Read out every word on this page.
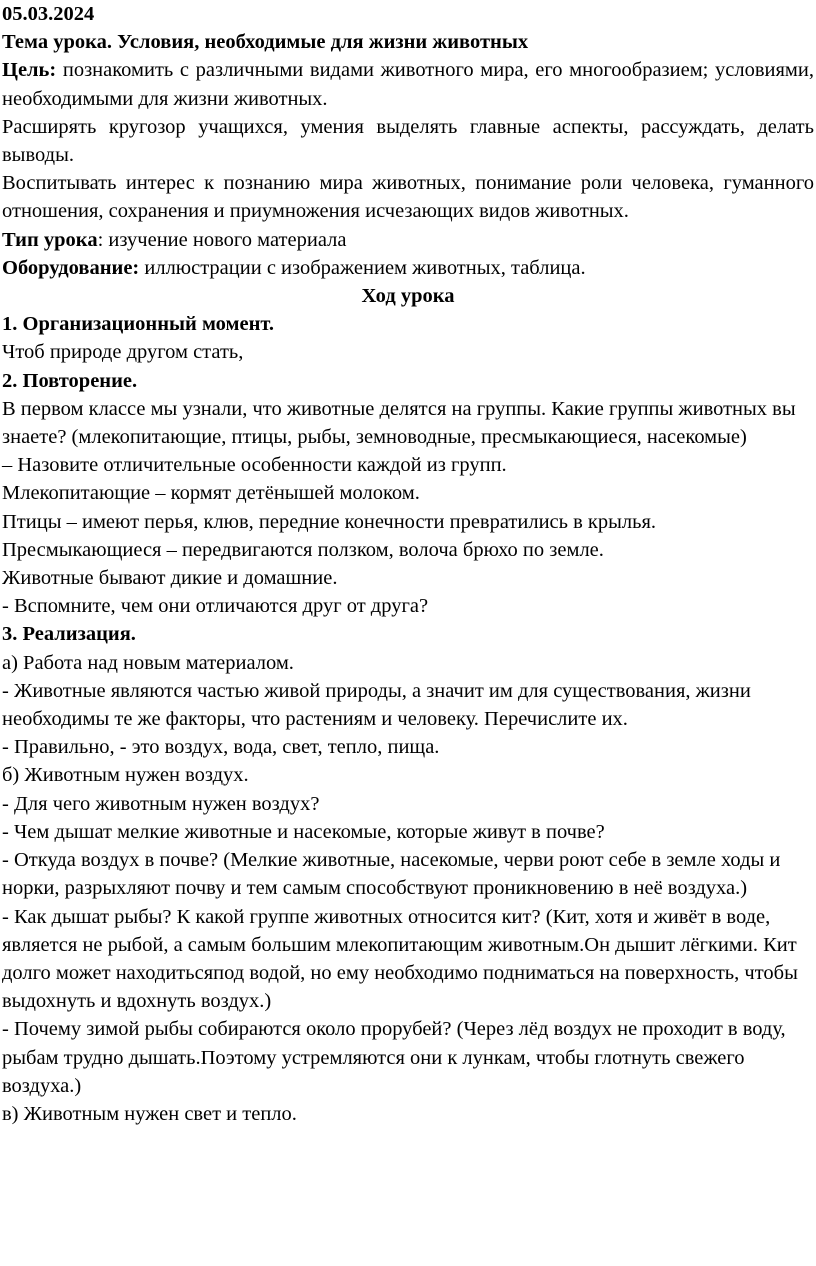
05.03.2024

Тема урока. Условия, необходимые для жизни животных

Цель: познакомить с различными видами животного мира, его многообразием; условиями, необходимыми для жизни животных.

Расширять кругозор учащихся, умения выделять главные аспекты, рассуждать, делать выводы.

Воспитывать интерес к познанию мира животных, понимание роли человека, гуманного отношения, сохранения и приумножения исчезающих видов животных.

Тип урока: изучение нового материала

Оборудование: иллюстрации с изображением животных, таблица.

Ход урока

1. Организационный момент.

Чтоб природе другом стать,

2. Повторение.

В первом классе мы узнали, что животные делятся на группы. Какие группы животных вы знаете? (млекопитающие, птицы, рыбы, земноводные, пресмыкающиеся, насекомые)

– Назовите отличительные особенности каждой из групп.

Млекопитающие – кормят детёнышей молоком.

Птицы – имеют перья, клюв, передние конечности превратились в крылья.

Пресмыкающиеся – передвигаются ползком, волоча брюхо по земле.

Животные бывают дикие и домашние.

- Вспомните, чем они отличаются друг от друга?

3. Реализация.

а) Работа над новым материалом.

- Животные являются частью живой природы, а значит им для существования, жизни необходимы те же факторы, что растениям и человеку. Перечислите их.

- Правильно, - это воздух, вода, свет, тепло, пища.

б) Животным нужен воздух.

- Для чего животным нужен воздух?

- Чем дышат мелкие животные и насекомые, которые живут в почве?

- Откуда воздух в почве? (Мелкие животные, насекомые, черви роют себе в земле ходы и норки, разрыхляют почву и тем самым способствуют проникновению в неё воздуха.)

- Как дышат рыбы? К какой группе животных относится кит? (Кит, хотя и живёт в воде, является не рыбой, а самым большим млекопитающим животным.Он дышит лёгкими. Кит долго может находитьсяпод водой, но ему необходимо подниматься на поверхность, чтобы выдохнуть и вдохнуть воздух.)

- Почему зимой рыбы собираются около прорубей? (Через лёд воздух не проходит в воду, рыбам трудно дышать.Поэтому устремляются они к лункам, чтобы глотнуть свежего воздуха.)

в) Животным нужен свет и тепло.
